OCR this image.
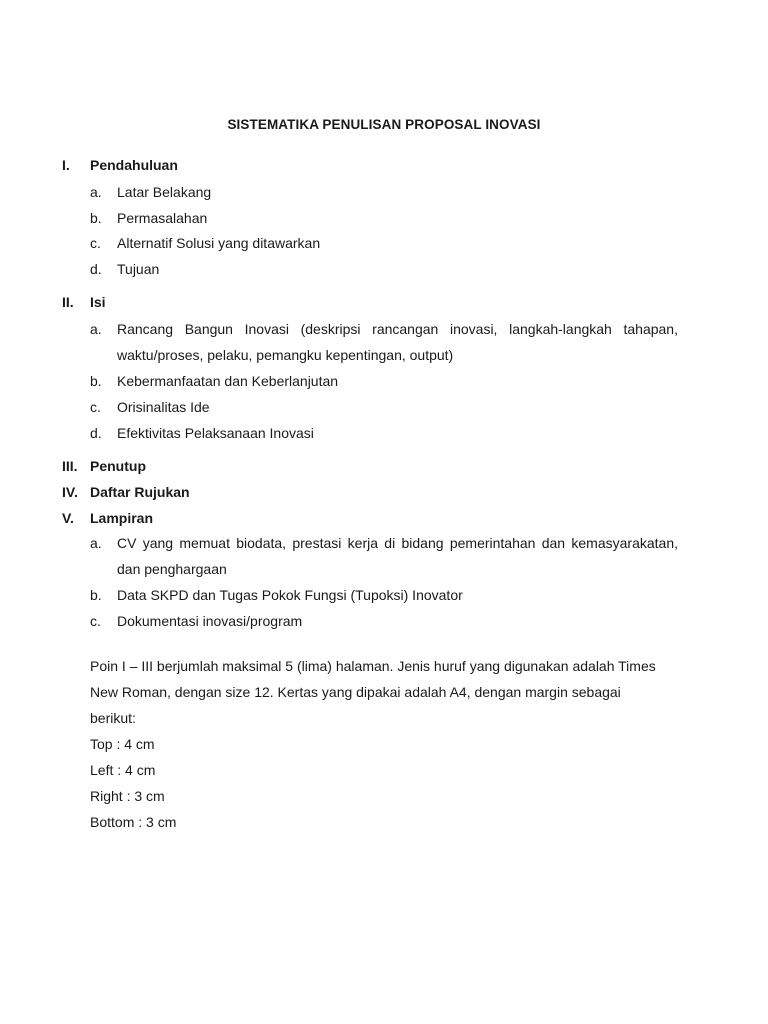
SISTEMATIKA PENULISAN PROPOSAL INOVASI
I. Pendahuluan
a. Latar Belakang
b. Permasalahan
c. Alternatif Solusi yang ditawarkan
d. Tujuan
II. Isi
a. Rancang Bangun Inovasi (deskripsi rancangan inovasi, langkah-langkah tahapan, waktu/proses, pelaku, pemangku kepentingan, output)
b. Kebermanfaatan dan Keberlanjutan
c. Orisinalitas Ide
d. Efektivitas Pelaksanaan Inovasi
III. Penutup
IV. Daftar Rujukan
V. Lampiran
a. CV yang memuat biodata, prestasi kerja di bidang pemerintahan dan kemasyarakatan, dan penghargaan
b. Data SKPD dan Tugas Pokok Fungsi (Tupoksi) Inovator
c. Dokumentasi inovasi/program
Poin I – III berjumlah maksimal 5 (lima) halaman. Jenis huruf yang digunakan adalah Times
New Roman, dengan size 12. Kertas yang dipakai adalah A4, dengan margin sebagai
berikut:
Top : 4 cm
Left : 4 cm
Right : 3 cm
Bottom : 3 cm
